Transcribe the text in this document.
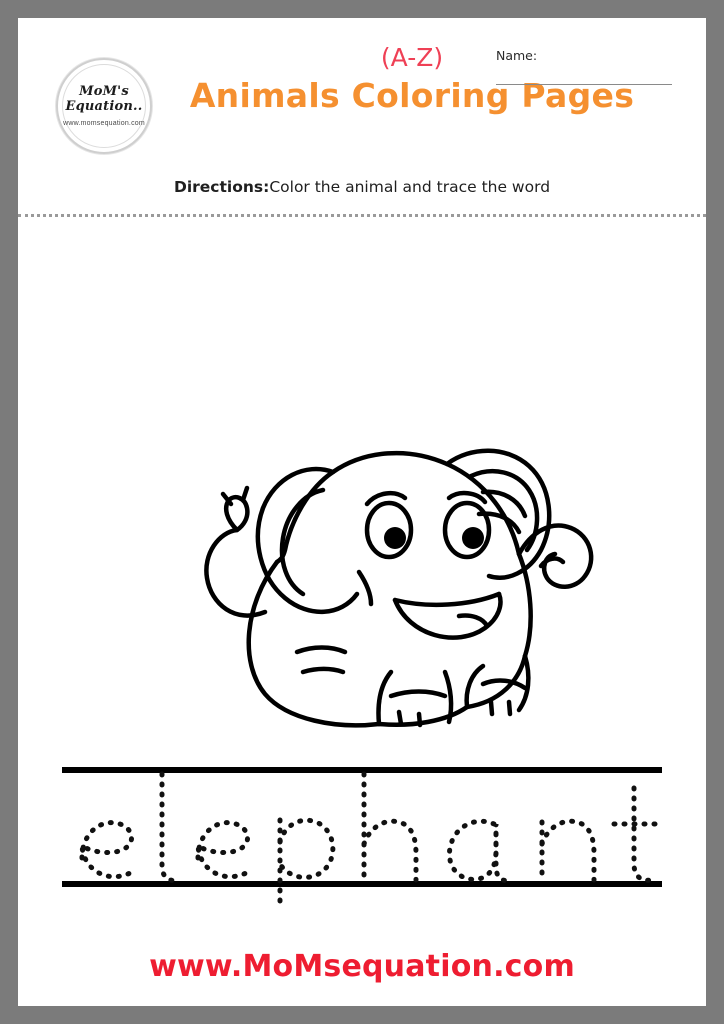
MoM's
Equation..
www.momsequation.com
(A-Z)
Animals Coloring Pages
Name:
Directions:Color the animal and trace the word
www.MoMsequation.com
